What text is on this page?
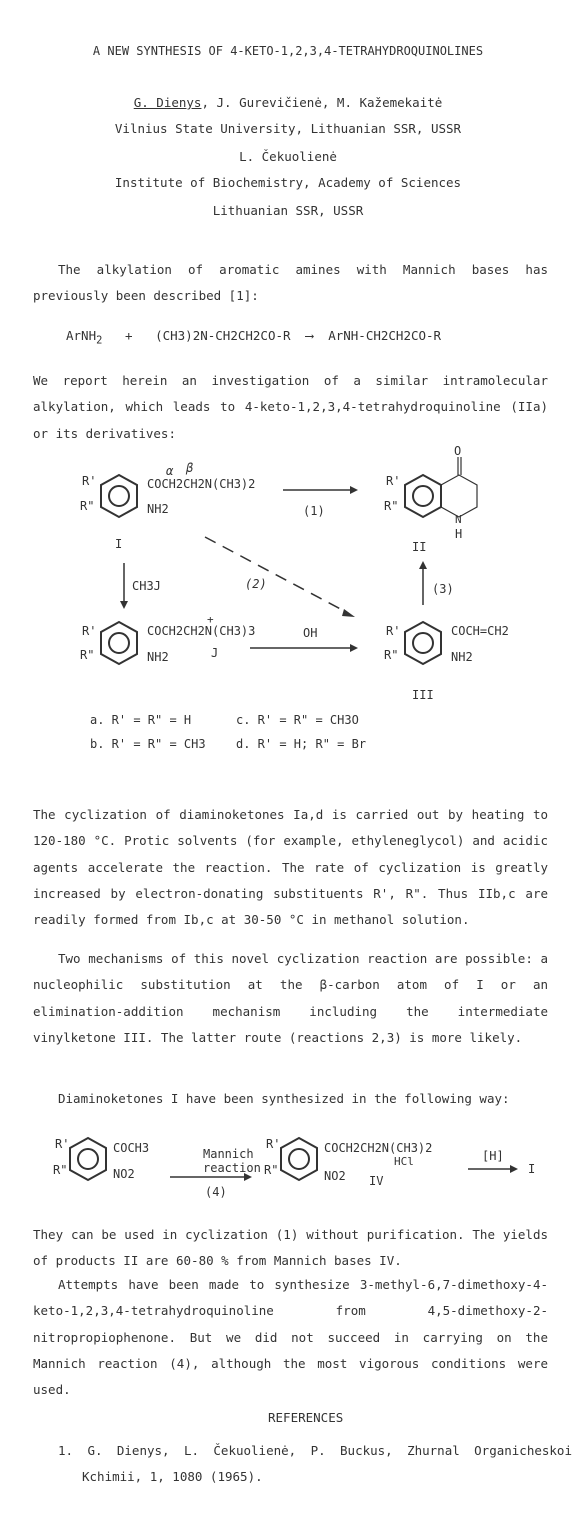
A NEW SYNTHESIS OF 4-KETO-1,2,3,4-TETRAHYDROQUINOLINES
G. Dienys, J. Gurevičienė, M. Kažemekaitė
Vilnius State University, Lithuanian SSR, USSR
L. Čekuolienė
Institute of Biochemistry, Academy of Sciences
Lithuanian SSR, USSR
The alkylation of aromatic amines with Mannich bases has previously been described [1]:
ArNH$_2$ + (CH3)2N-CH2CH2CO-R ⟶ ArNH-CH2CH2CO-R
We report herein an investigation of a similar intramolecular alkylation, which leads to 4-keto-1,2,3,4-tetrahydroquinoline (IIa) or its derivatives:
R'
R"
COCH2CH2N(CH3)2
α β
NH2
I
(1)
O
R'
R"
N
H
II
CH3J	(2)	(3)
R'
R"
COCH2CH2N(CH3)3
+
NH2	J
OH	R'
R"
COCH=CH2
NH2
III
a. R' = R" = H	c. R' = R" = CH3O
b. R' = R" = CH3	d. R' = H; R" = Br
The cyclization of diaminoketones Ia,d is carried out by heating to 120-180 °C. Protic solvents (for example, ethyleneglycol) and acidic agents accelerate the reaction. The rate of cyclization is greatly increased by electron-donating substituents R', R". Thus IIb,c are readily formed from Ib,c at 30-50 °C in methanol solution.
Two mechanisms of this novel cyclization reaction are possible: a nucleophilic substitution at the β-carbon atom of I or an elimination-addition mechanism including the intermediate vinylketone III. The latter route (reactions 2,3) is more likely.
Diaminoketones I have been synthesized in the following way:
R'
R"
COCH3
NO2
Mannich
reaction
(4)
R'
R"
COCH2CH2N(CH3)2
HCl
NO2 IV
[H]
I
They can be used in cyclization (1) without purification. The yields of products II are 60-80 % from Mannich bases IV.
Attempts have been made to synthesize 3-methyl-6,7-dimethoxy-4-keto-1,2,3,4-tetrahydroquinoline from 4,5-dimethoxy-2-nitropropiophenone. But we did not succeed in carrying on the Mannich reaction (4), although the most vigorous conditions were used.
REFERENCES
1. G. Dienys, L. Čekuolienė, P. Buckus, Zhurnal Organicheskoi Kchimii, 1, 1080 (1965).
